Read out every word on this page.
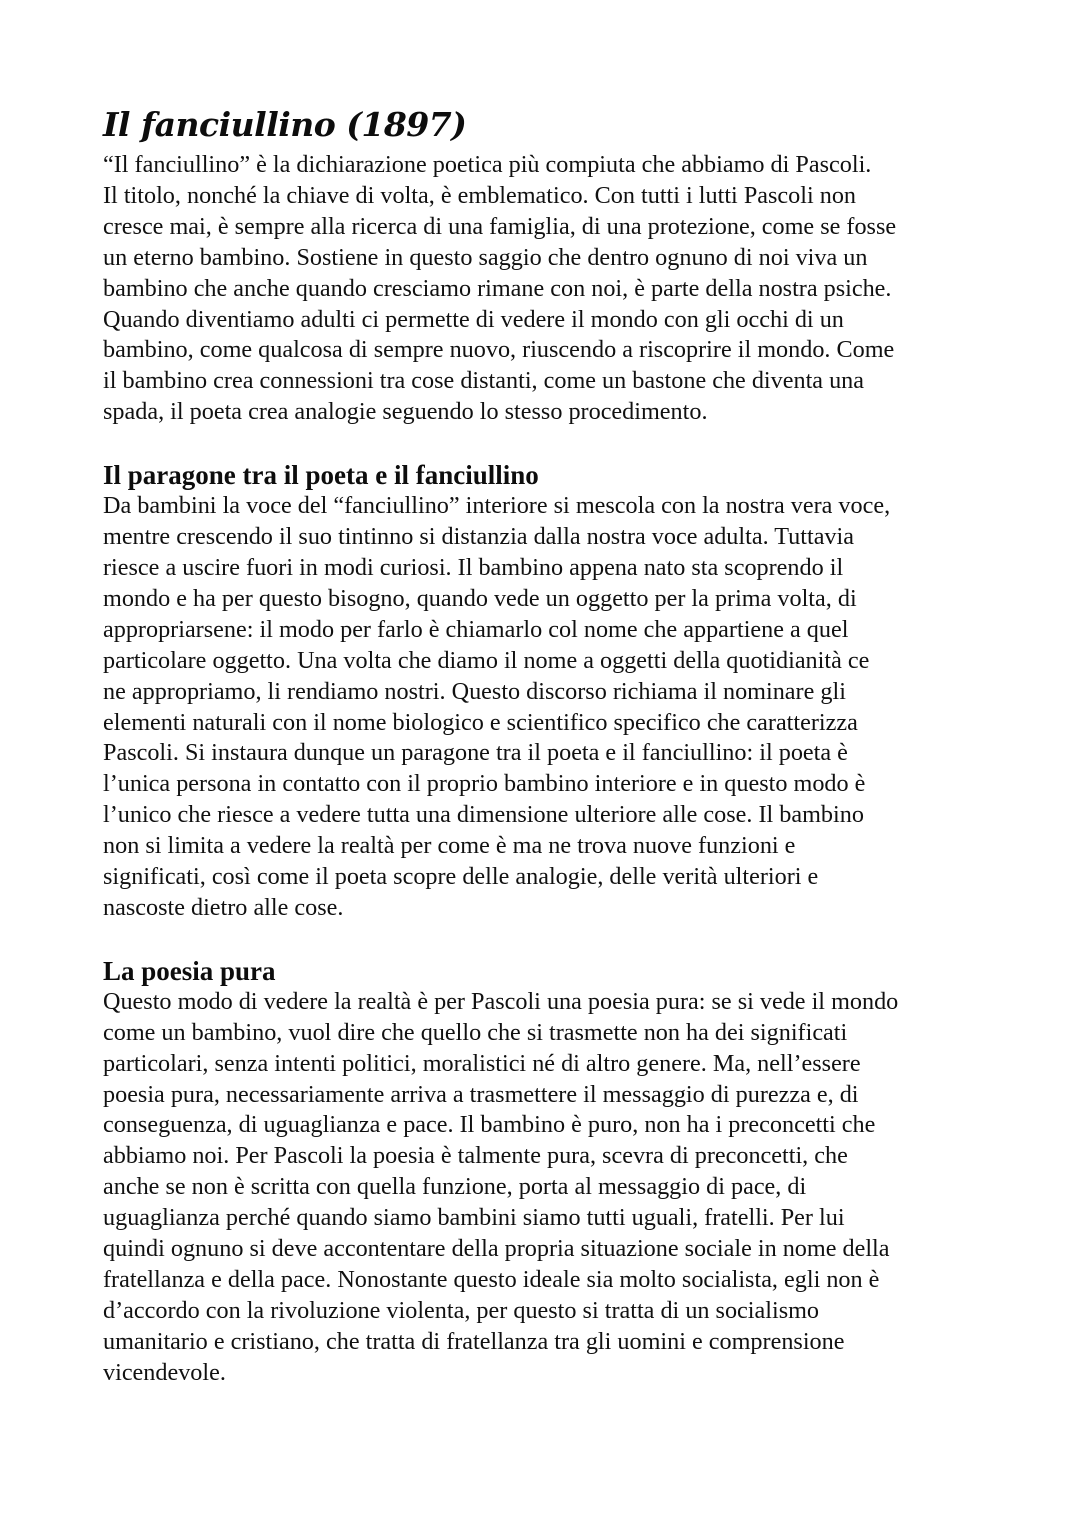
Il fanciullino (1897)

“Il fanciullino” è la dichiarazione poetica più compiuta che abbiamo di Pascoli.
Il titolo, nonché la chiave di volta, è emblematico. Con tutti i lutti Pascoli non
cresce mai, è sempre alla ricerca di una famiglia, di una protezione, come se fosse
un eterno bambino. Sostiene in questo saggio che dentro ognuno di noi viva un
bambino che anche quando cresciamo rimane con noi, è parte della nostra psiche.
Quando diventiamo adulti ci permette di vedere il mondo con gli occhi di un
bambino, come qualcosa di sempre nuovo, riuscendo a riscoprire il mondo. Come
il bambino crea connessioni tra cose distanti, come un bastone che diventa una
spada, il poeta crea analogie seguendo lo stesso procedimento.

Il paragone tra il poeta e il fanciullino

Da bambini la voce del “fanciullino” interiore si mescola con la nostra vera voce,
mentre crescendo il suo tintinno si distanzia dalla nostra voce adulta. Tuttavia
riesce a uscire fuori in modi curiosi. Il bambino appena nato sta scoprendo il
mondo e ha per questo bisogno, quando vede un oggetto per la prima volta, di
appropriarsene: il modo per farlo è chiamarlo col nome che appartiene a quel
particolare oggetto. Una volta che diamo il nome a oggetti della quotidianità ce
ne appropriamo, li rendiamo nostri. Questo discorso richiama il nominare gli
elementi naturali con il nome biologico e scientifico specifico che caratterizza
Pascoli. Si instaura dunque un paragone tra il poeta e il fanciullino: il poeta è
l’unica persona in contatto con il proprio bambino interiore e in questo modo è
l’unico che riesce a vedere tutta una dimensione ulteriore alle cose. Il bambino
non si limita a vedere la realtà per come è ma ne trova nuove funzioni e
significati, così come il poeta scopre delle analogie, delle verità ulteriori e
nascoste dietro alle cose.

La poesia pura

Questo modo di vedere la realtà è per Pascoli una poesia pura: se si vede il mondo
come un bambino, vuol dire che quello che si trasmette non ha dei significati
particolari, senza intenti politici, moralistici né di altro genere. Ma, nell’essere
poesia pura, necessariamente arriva a trasmettere il messaggio di purezza e, di
conseguenza, di uguaglianza e pace. Il bambino è puro, non ha i preconcetti che
abbiamo noi. Per Pascoli la poesia è talmente pura, scevra di preconcetti, che
anche se non è scritta con quella funzione, porta al messaggio di pace, di
uguaglianza perché quando siamo bambini siamo tutti uguali, fratelli. Per lui
quindi ognuno si deve accontentare della propria situazione sociale in nome della
fratellanza e della pace. Nonostante questo ideale sia molto socialista, egli non è
d’accordo con la rivoluzione violenta, per questo si tratta di un socialismo
umanitario e cristiano, che tratta di fratellanza tra gli uomini e comprensione
vicendevole.
